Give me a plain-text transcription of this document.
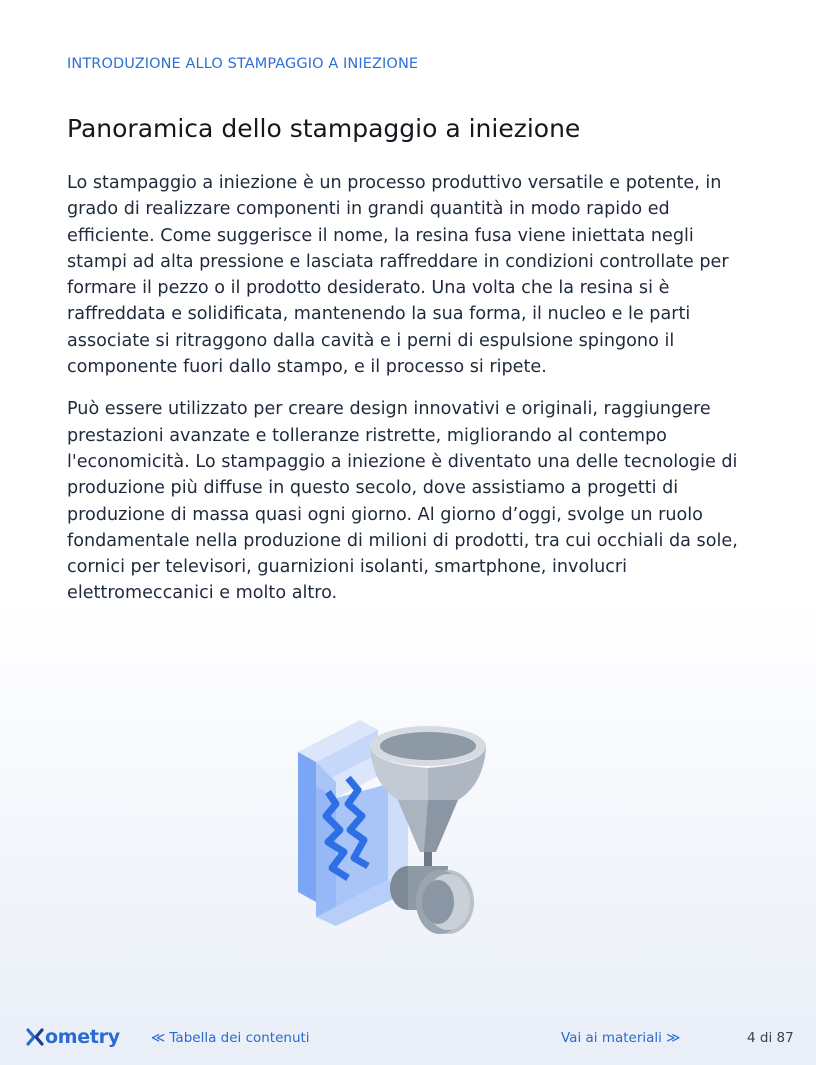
INTRODUZIONE ALLO STAMPAGGIO A INIEZIONE
Panoramica dello stampaggio a iniezione

Lo stampaggio a iniezione è un processo produttivo versatile e potente, in grado di realizzare componenti in grandi quantità in modo rapido ed efficiente. Come suggerisce il nome, la resina fusa viene iniettata negli stampi ad alta pressione e lasciata raffreddare in condizioni controllate per formare il pezzo o il prodotto desiderato. Una volta che la resina si è raffreddata e solidificata, mantenendo la sua forma, il nucleo e le parti associate si ritraggono dalla cavità e i perni di espulsione spingono il componente fuori dallo stampo, e il processo si ripete.

Può essere utilizzato per creare design innovativi e originali, raggiungere prestazioni avanzate e tolleranze ristrette, migliorando al contempo l'economicità. Lo stampaggio a iniezione è diventato una delle tecnologie di produzione più diffuse in questo secolo, dove assistiamo a progetti di produzione di massa quasi ogni giorno. Al giorno d’oggi, svolge un ruolo fondamentale nella produzione di milioni di prodotti, tra cui occhiali da sole, cornici per televisori, guarnizioni isolanti, smartphone, involucri elettromeccanici e molto altro.

ometry ≪ Tabella dei contenuti	Vai ai materiali ≫	4 di 87
